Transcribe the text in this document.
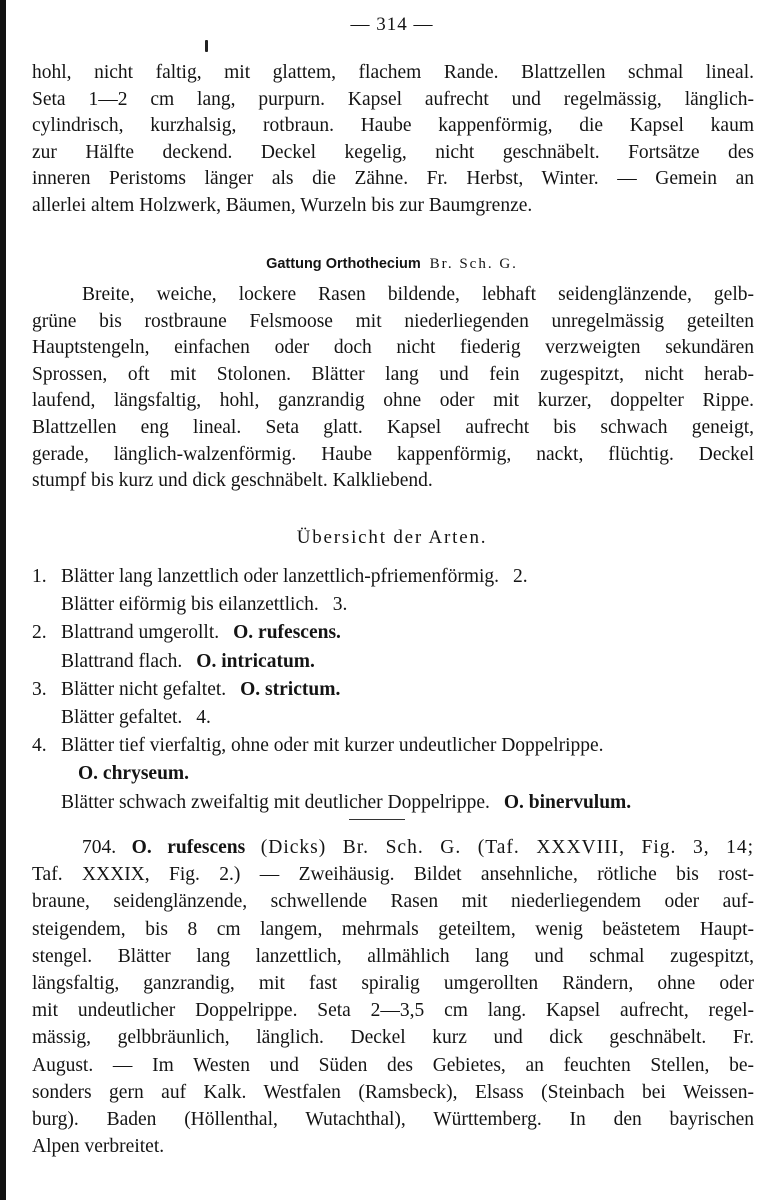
— 314 —
hohl, nicht faltig, mit glattem, flachem Rande. Blattzellen schmal lineal.
Seta 1—2 cm lang, purpurn. Kapsel aufrecht und regelmässig, länglich-
cylindrisch, kurzhalsig, rotbraun. Haube kappenförmig, die Kapsel kaum
zur Hälfte deckend. Deckel kegelig, nicht geschnäbelt. Fortsätze des
inneren Peristoms länger als die Zähne. Fr. Herbst, Winter. — Gemein an
allerlei altem Holzwerk, Bäumen, Wurzeln bis zur Baumgrenze.
Gattung Orthothecium Br. Sch. G.
Breite, weiche, lockere Rasen bildende, lebhaft seidenglänzende, gelb-
grüne bis rostbraune Felsmoose mit niederliegenden unregelmässig geteilten
Hauptstengeln, einfachen oder doch nicht fiederig verzweigten sekundären
Sprossen, oft mit Stolonen. Blätter lang und fein zugespitzt, nicht herab-
laufend, längsfaltig, hohl, ganzrandig ohne oder mit kurzer, doppelter Rippe.
Blattzellen eng lineal. Seta glatt. Kapsel aufrecht bis schwach geneigt,
gerade, länglich-walzenförmig. Haube kappenförmig, nackt, flüchtig. Deckel
stumpf bis kurz und dick geschnäbelt. Kalkliebend.
Übersicht der Arten.
1. Blätter lang lanzettlich oder lanzettlich-pfriemenförmig. 2.
Blätter eiförmig bis eilanzettlich. 3.
2. Blattrand umgerollt. O. rufescens.
Blattrand flach. O. intricatum.
3. Blätter nicht gefaltet. O. strictum.
Blätter gefaltet. 4.
4. Blätter tief vierfaltig, ohne oder mit kurzer undeutlicher Doppelrippe.
O. chryseum.
Blätter schwach zweifaltig mit deutlicher Doppelrippe. O. binervulum.
704. O. rufescens (Dicks) Br. Sch. G. (Taf. XXXVIII, Fig. 3, 14;
Taf. XXXIX, Fig. 2.) — Zweihäusig. Bildet ansehnliche, rötliche bis rost-
braune, seidenglänzende, schwellende Rasen mit niederliegendem oder auf-
steigendem, bis 8 cm langem, mehrmals geteiltem, wenig beästetem Haupt-
stengel. Blätter lang lanzettlich, allmählich lang und schmal zugespitzt,
längsfaltig, ganzrandig, mit fast spiralig umgerollten Rändern, ohne oder
mit undeutlicher Doppelrippe. Seta 2—3,5 cm lang. Kapsel aufrecht, regel-
mässig, gelbbräunlich, länglich. Deckel kurz und dick geschnäbelt. Fr.
August. — Im Westen und Süden des Gebietes, an feuchten Stellen, be-
sonders gern auf Kalk. Westfalen (Ramsbeck), Elsass (Steinbach bei Weissen-
burg). Baden (Höllenthal, Wutachthal), Württemberg. In den bayrischen
Alpen verbreitet.
